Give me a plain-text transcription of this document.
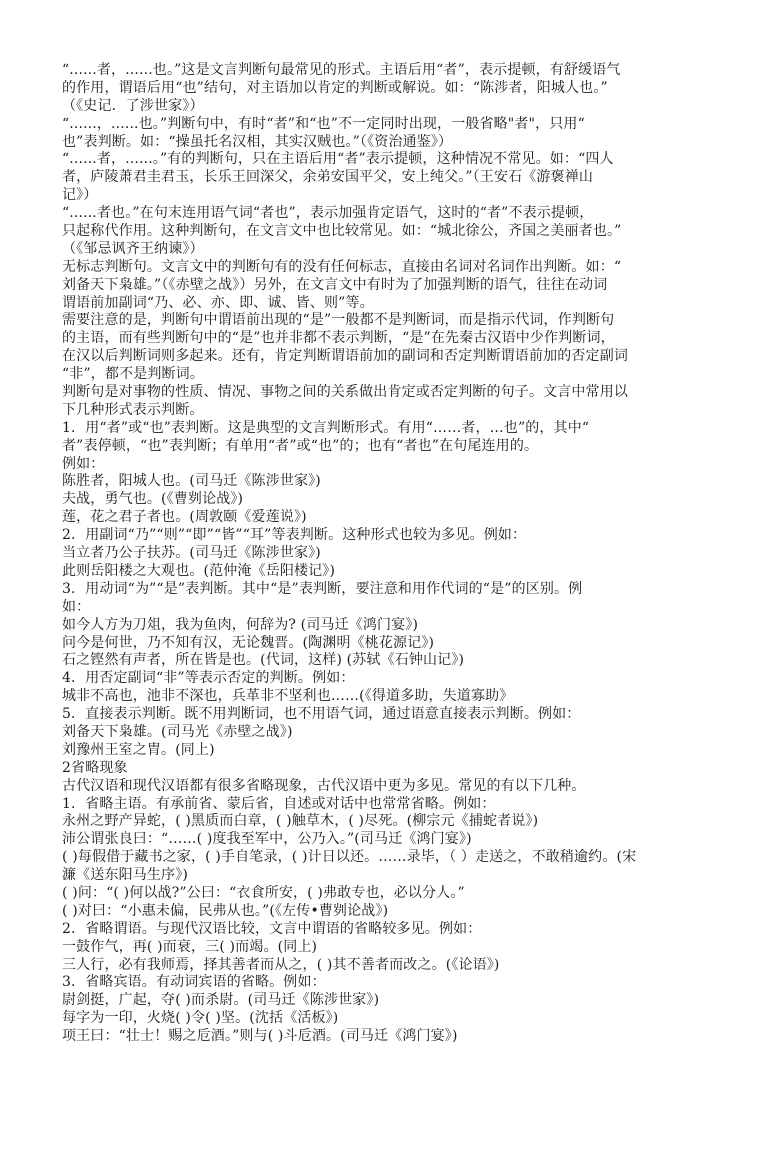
“......者，......也。”这是文言判断句最常见的形式。主语后用“者”，表示提顿，有舒缓语气
的作用，谓语后用“也”结句，对主语加以肯定的判断或解说。如：“陈涉者，阳城人也。”
（《史记．了涉世家》）
“......，......也。”判断句中，有时“者”和“也”不一定同时出现，一般省略"者"，只用“
也”表判断。如：“操虽托名汉相，其实汉贼也。”（《资治通鉴》）
“......者，......。”有的判断句，只在主语后用“者”表示提顿，这种情况不常见。如：“四人
者，庐陵萧君圭君玉，长乐王回深父，余弟安国平父，安上纯父。”（王安石《游褒禅山
记》）
“......者也。”在句末连用语气词“者也”，表示加强肯定语气，这时的“者”不表示提顿，
只起称代作用。这种判断句，在文言文中也比较常见。如：“城北徐公，齐国之美丽者也。”
（《邹忌讽齐王纳谏》）
无标志判断句。文言文中的判断句有的没有任何标志，直接由名词对名词作出判断。如：“
刘备天下枭雄。”（《赤壁之战》）另外，在文言文中有时为了加强判断的语气，往往在动词
谓语前加副词“乃、必、亦、即、诚、皆、则”等。
需要注意的是，判断句中谓语前出现的“是”一般都不是判断词，而是指示代词，作判断句
的主语，而有些判断句中的“是”也并非都不表示判断，“是”在先秦古汉语中少作判断词，
在汉以后判断词则多起来。还有，肯定判断谓语前加的副词和否定判断谓语前加的否定副词
“非”，都不是判断词。
判断句是对事物的性质、情况、事物之间的关系做出肯定或否定判断的句子。文言中常用以
下几种形式表示判断。
1．用“者”或“也”表判断。这是典型的文言判断形式。有用“……者，…也”的，其中“
者”表停顿，“也”表判断；有单用“者”或“也”的；也有“者也”在句尾连用的。
例如：
陈胜者，阳城人也。(司马迁《陈涉世家》)
夫战，勇气也。(《曹刿论战》)
莲，花之君子者也。(周敦颐《爱莲说》)
2．用副词“乃”“则”“即”“皆”“耳”等表判断。这种形式也较为多见。例如：
当立者乃公子扶苏。(司马迁《陈涉世家》)
此则岳阳楼之大观也。(范仲淹《岳阳楼记》)
3．用动词“为”“是”表判断。其中“是”表判断，要注意和用作代词的“是”的区别。例
如：
如今人方为刀俎，我为鱼肉，何辞为? (司马迁《鸿门宴》)
问今是何世，乃不知有汉，无论魏晋。(陶渊明《桃花源记》)
石之铿然有声者，所在皆是也。(代词，这样) (苏轼《石钟山记》)
4．用否定副词“非”等表示否定的判断。例如：
城非不高也，池非不深也，兵革非不坚利也……(《得道多助，失道寡助》
5．直接表示判断。既不用判断词，也不用语气词，通过语意直接表示判断。例如：
刘备天下枭雄。(司马光《赤壁之战》)
刘豫州王室之胄。(同上)
2省略现象
古代汉语和现代汉语都有很多省略现象，古代汉语中更为多见。常见的有以下几种。
1．省略主语。有承前省、蒙后省，自述或对话中也常常省略。例如：
永州之野产异蛇，( )黑质而白章，( )触草木，( )尽死。(柳宗元《捕蛇者说》)
沛公谓张良曰：“……( )度我至军中，公乃入。”(司马迁《鸿门宴》)
( )每假借于藏书之家，( )手自笔录，( )计日以还。……录毕，（ ）走送之，不敢稍逾约。(宋
濂《送东阳马生序》)
( )问：“( )何以战?”公曰：“衣食所安，( )弗敢专也，必以分人。”
( )对曰：“小惠未偏，民弗从也。”(《左传•曹刿论战》)
2．省略谓语。与现代汉语比较，文言中谓语的省略较多见。例如：
一鼓作气，再( )而衰，三( )而竭。(同上)
三人行，必有我师焉，择其善者而从之，( )其不善者而改之。(《论语》)
3．省略宾语。有动词宾语的省略。例如：
尉剑挺，广起，夺( )而杀尉。(司马迁《陈涉世家》)
每字为一印，火烧( )令( )坚。(沈括《活板》)
项王曰：“壮士！赐之卮酒。”则与( )斗卮酒。(司马迁《鸿门宴》)
